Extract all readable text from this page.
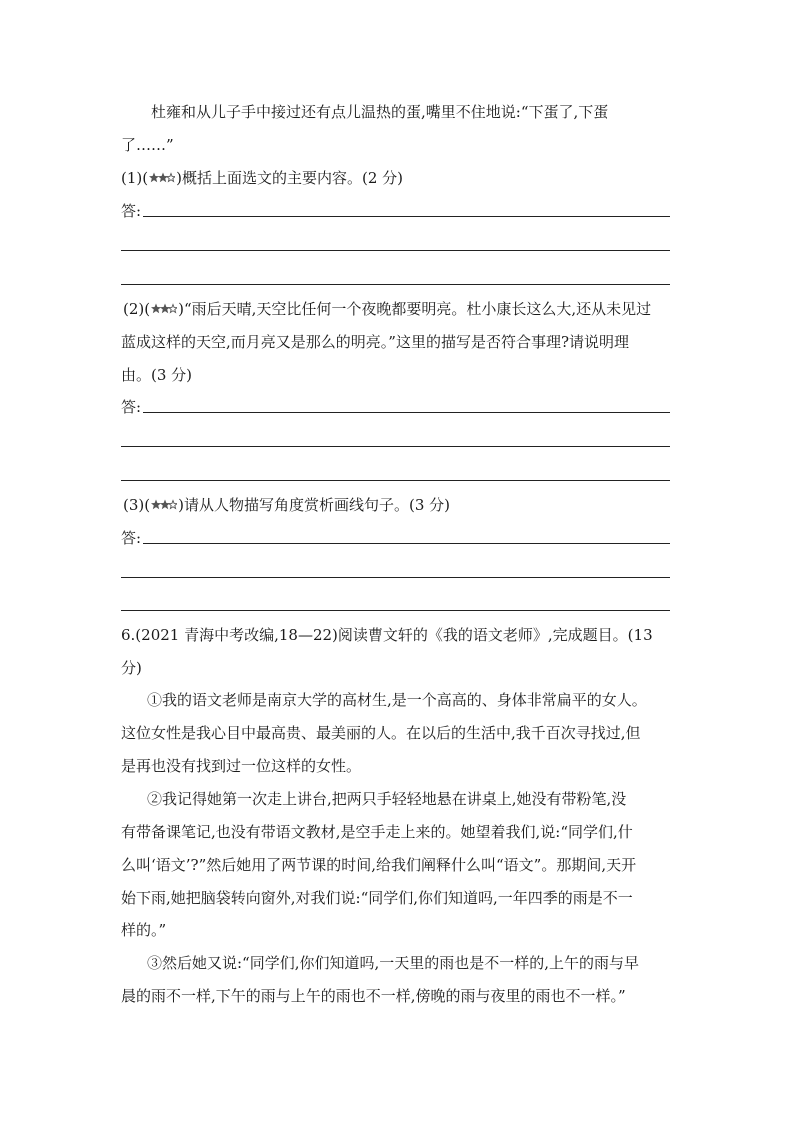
杜雍和从儿子手中接过还有点儿温热的蛋,嘴里不住地说:“下蛋了,下蛋
了……”
(1)( )概括上面选文的主要内容。(2 分)
答:
(2)( )“雨后天晴,天空比任何一个夜晚都要明亮。杜小康长这么大,还从未见过
蓝成这样的天空,而月亮又是那么的明亮。”这里的描写是否符合事理?请说明理
由。(3 分)
答:
(3)( )请从人物描写角度赏析画线句子。(3 分)
答:
6.(2021 青海中考改编,18—22)阅读曹文轩的《我的语文老师》,完成题目。(13
分)
①我的语文老师是南京大学的高材生,是一个高高的、身体非常扁平的女人。
这位女性是我心目中最高贵、最美丽的人。在以后的生活中,我千百次寻找过,但
是再也没有找到过一位这样的女性。
②我记得她第一次走上讲台,把两只手轻轻地悬在讲桌上,她没有带粉笔,没
有带备课笔记,也没有带语文教材,是空手走上来的。她望着我们,说:“同学们,什
么叫‘语文’?”然后她用了两节课的时间,给我们阐释什么叫“语文”。那期间,天开
始下雨,她把脑袋转向窗外,对我们说:“同学们,你们知道吗,一年四季的雨是不一
样的。”
③然后她又说:“同学们,你们知道吗,一天里的雨也是不一样的,上午的雨与早
晨的雨不一样,下午的雨与上午的雨也不一样,傍晚的雨与夜里的雨也不一样。”
